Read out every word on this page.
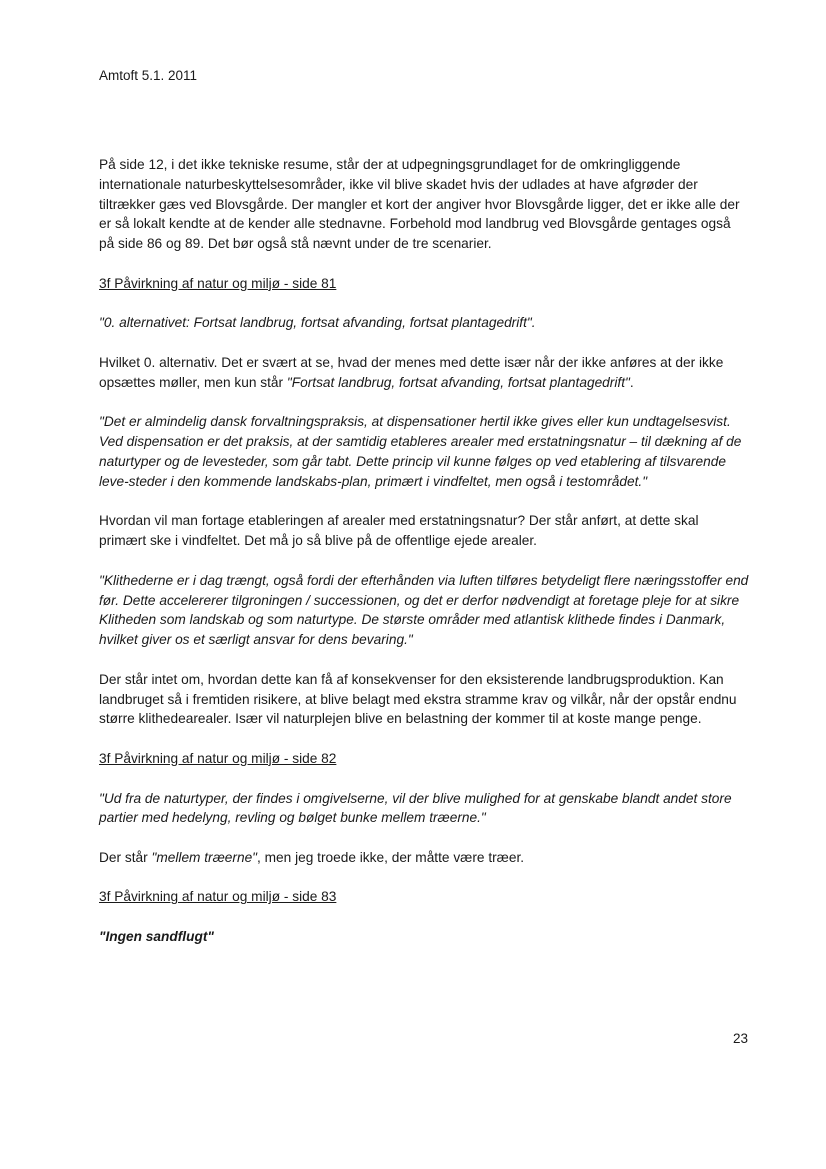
Amtoft 5.1. 2011

På side 12, i det ikke tekniske resume, står der at udpegningsgrundlaget for de omkringliggende internationale naturbeskyttelsesområder, ikke vil blive skadet hvis der udlades at have afgrøder der tiltrækker gæs ved Blovsgårde. Der mangler et kort der angiver hvor Blovsgårde ligger, det er ikke alle der er så lokalt kendte at de kender alle stednavne. Forbehold mod landbrug ved Blovsgårde gentages også på side 86 og 89. Det bør også stå nævnt under de tre scenarier.

3f Påvirkning af natur og miljø - side 81

"0. alternativet: Fortsat landbrug, fortsat afvanding, fortsat plantagedrift".

Hvilket 0. alternativ. Det er svært at se, hvad der menes med dette især når der ikke anføres at der ikke opsættes møller, men kun står "Fortsat landbrug, fortsat afvanding, fortsat plantagedrift".

"Det er almindelig dansk forvaltningspraksis, at dispensationer hertil ikke gives eller kun undtagelsesvist. Ved dispensation er det praksis, at der samtidig etableres arealer med erstatningsnatur – til dækning af de naturtyper og de levesteder, som går tabt. Dette princip vil kunne følges op ved etablering af tilsvarende leve-steder i den kommende landskabs-plan, primært i vindfeltet, men også i testområdet."

Hvordan vil man fortage etableringen af arealer med erstatningsnatur? Der står anført, at dette skal primært ske i vindfeltet. Det må jo så blive på de offentlige ejede arealer.

"Klithederne er i dag trængt, også fordi der efterhånden via luften tilføres betydeligt flere næringsstoffer end før. Dette accelererer tilgroningen / successionen, og det er derfor nødvendigt at foretage pleje for at sikre Klitheden som landskab og som naturtype. De største områder med atlantisk klithede findes i Danmark, hvilket giver os et særligt ansvar for dens bevaring."

Der står intet om, hvordan dette kan få af konsekvenser for den eksisterende landbrugsproduktion. Kan landbruget så i fremtiden risikere, at blive belagt med ekstra stramme krav og vilkår, når der opstår endnu større klithedearealer. Især vil naturplejen blive en belastning der kommer til at koste mange penge.

3f Påvirkning af natur og miljø - side 82

"Ud fra de naturtyper, der findes i omgivelserne, vil der blive mulighed for at genskabe blandt andet store partier med hedelyng, revling og bølget bunke mellem træerne."

Der står "mellem træerne", men jeg troede ikke, der måtte være træer.

3f Påvirkning af natur og miljø - side 83

"Ingen sandflugt"

23
